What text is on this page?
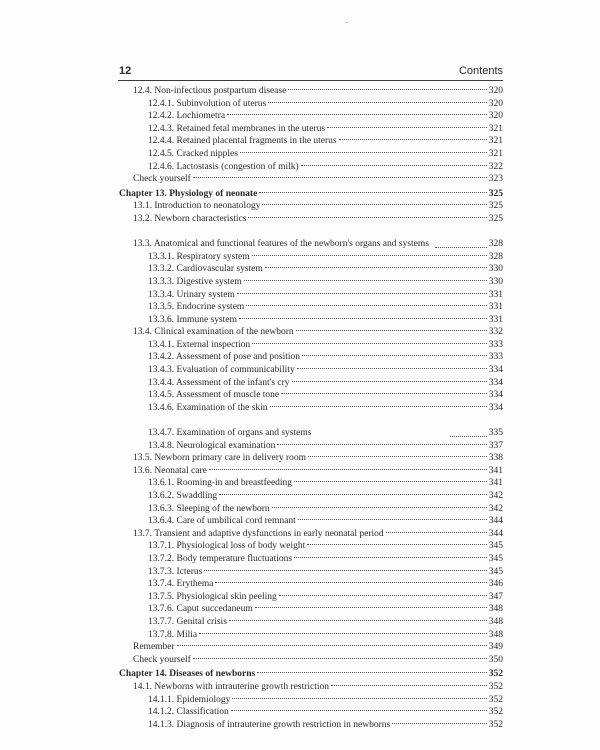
12	Contents
12.4. Non-infectious postpartum disease	320
12.4.1. Subinvolution of uterus	320
12.4.2. Lochiometra	320
12.4.3. Retained fetal membranes in the uterus	321
12.4.4. Retained placental fragments in the uterus	321
12.4.5. Cracked nipples	321
12.4.6. Lactostasis (congestion of milk)	322
Check yourself	323
Chapter 13. Physiology of neonate	325
13.1. Introduction to neonatology	325
13.2. Newborn characteristics	325
13.3. Anatomical and functional features of the newborn's organs and systems	328
13.3.1. Respiratory system	328
13.3.2. Cardiovascular system	330
13.3.3. Digestive system	330
13.3.4. Urinary system	331
13.3.5. Endocrine system	331
13.3.6. Immune system	331
13.4. Clinical examination of the newborn	332
13.4.1. External inspection	333
13.4.2. Assessment of pose and position	333
13.4.3. Evaluation of communicability	334
13.4.4. Assessment of the infant's cry	334
13.4.5. Assessment of muscle tone	334
13.4.6. Examination of the skin	334
13.4.7. Examination of organs and systems	335
13.4.8. Neurological examination	337
13.5. Newborn primary care in delivery room	338
13.6. Neonatal care	341
13.6.1. Rooming-in and breastfeeding	341
13.6.2. Swaddling	342
13.6.3. Sleeping of the newborn	342
13.6.4. Care of umbilical cord remnant	344
13.7. Transient and adaptive dysfunctions in early neonatal period	344
13.7.1. Physiological loss of body weight	345
13.7.2. Body temperature fluctuations	345
13.7.3. Icterus	345
13.7.4. Erythema	346
13.7.5. Physiological skin peeling	347
13.7.6. Caput succedaneum	348
13.7.7. Genital crisis	348
13.7.8. Milia	348
Remember	349
Check yourself	350
Chapter 14. Diseases of newborns	352
14.1. Newborns with intrauterine growth restriction	352
14.1.1. Epidemiology	352
14.1.2. Classification	352
14.1.3. Diagnosis of intrauterine growth restriction in newborns	352
